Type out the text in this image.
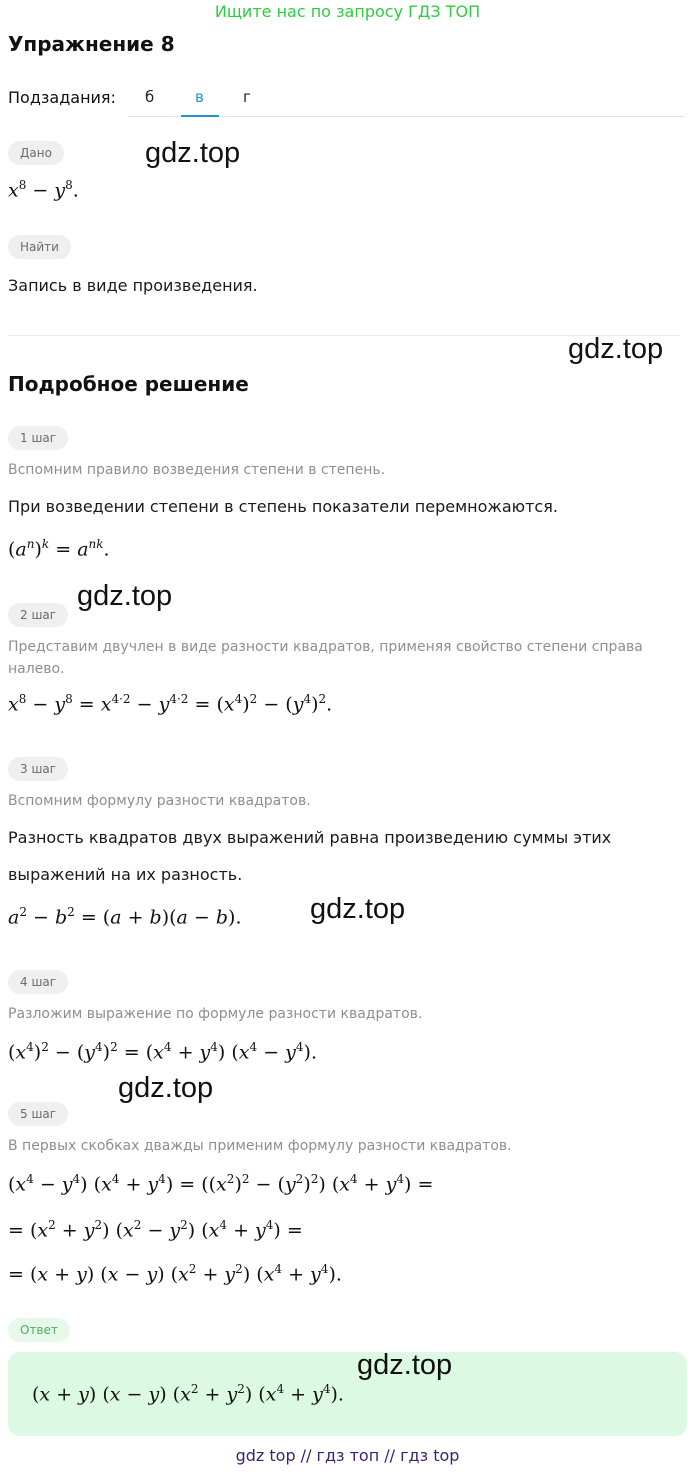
Ищите нас по запросу ГДЗ ТОП
Упражнение 8
Подзадания: б	в	г
Дано
$x^8 - y^8$.
Найти
Запись в виде произведения.
Подробное решение
1 шаг
Вспомним правило возведения степени в степень.
При возведении степени в степень показатели перемножаются.
$(a^n)^k = a^{nk}$.
2 шаг
Представим двучлен в виде разности квадратов, применяя свойство степени справа
налево.
$x^8 - y^8 = x^{4\cdot 2} - y^{4\cdot 2} = (x^4)^2 - (y^4)^2$.
3 шаг
Вспомним формулу разности квадратов.
Разность квадратов двух выражений равна произведению суммы этих
выражений на их разность.
$a^2 - b^2 = (a + b)(a - b)$.
4 шаг
Разложим выражение по формуле разности квадратов.
$(x^4)^2 - (y^4)^2 = (x^4 + y^4) (x^4 - y^4)$.
5 шаг
В первых скобках дважды применим формулу разности квадратов.
$(x^4 - y^4) (x^4 + y^4) = ((x^2)^2 - (y^2)^2) (x^4 + y^4)$ =
= $(x^2 + y^2) (x^2 - y^2) (x^4 + y^4)$ =
= (x + y) (x − y) $(x^2 + y^2) (x^4 + y^4)$.
Ответ
(x + y) (x − y) $(x^2 + y^2) (x^4 + y^4)$.
gdz.top
gdz.top
gdz.top
gdz.top
gdz.top
gdz.top
gdz top // гдз топ // гдз top
